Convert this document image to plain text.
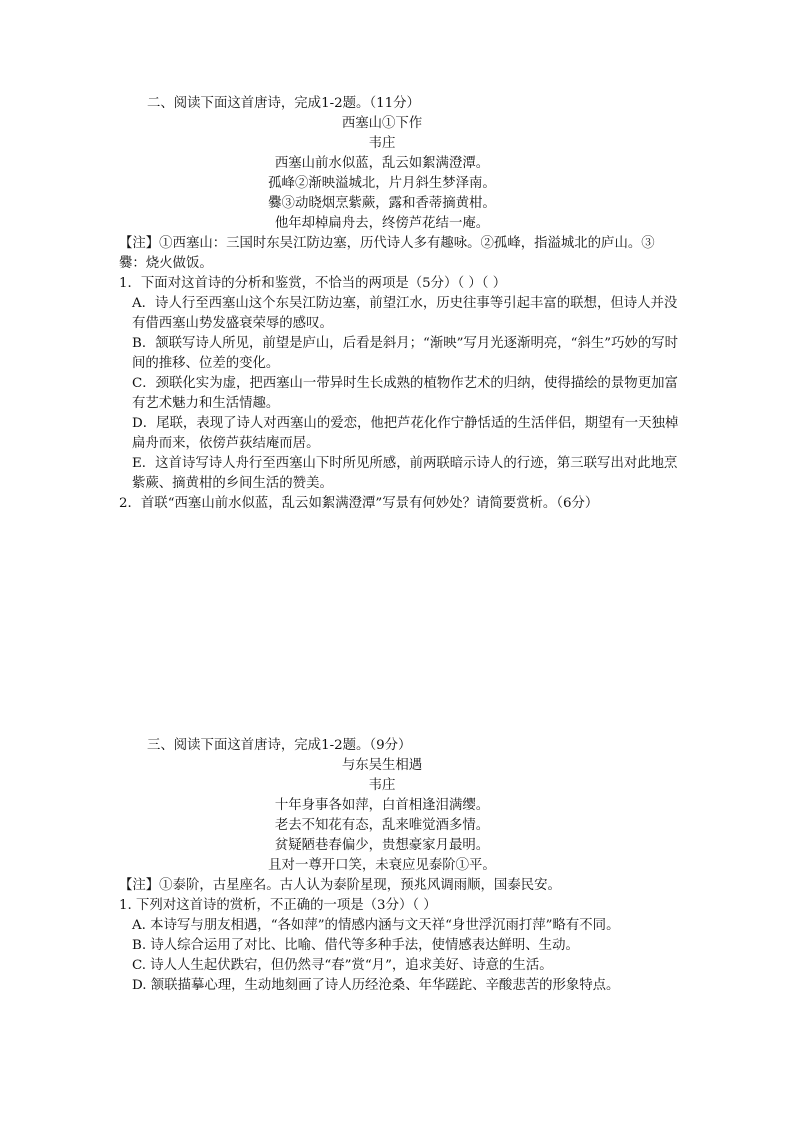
二、阅读下面这首唐诗，完成1-2题。（11分）
西塞山①下作
韦庄
西塞山前水似蓝，乱云如絮满澄潭。
孤峰②渐映溢城北，片月斜生梦泽南。
爨③动晓烟烹紫蕨，露和香蒂摘黄柑。
他年却棹扁舟去，终傍芦花结一庵。
【注】①西塞山：三国时东吴江防边塞，历代诗人多有趣咏。②孤峰，指溢城北的庐山。③爨：烧火做饭。
1．下面对这首诗的分析和鉴赏，不恰当的两项是（5分）（ ）（ ）
A．诗人行至西塞山这个东吴江防边塞，前望江水，历史往事等引起丰富的联想，但诗人并没有借西塞山势发盛衰荣辱的感叹。
B．颔联写诗人所见，前望是庐山，后看是斜月；“渐映”写月光逐渐明亮，“斜生”巧妙的写时间的推移、位差的变化。
C．颈联化实为虚，把西塞山一带异时生长成熟的植物作艺术的归纳，使得描绘的景物更加富有艺术魅力和生活情趣。
D．尾联，表现了诗人对西塞山的爱恋，他把芦花化作宁静恬适的生活伴侣，期望有一天独棹扁舟而来，依傍芦荻结庵而居。
E．这首诗写诗人舟行至西塞山下时所见所感，前两联暗示诗人的行迹，第三联写出对此地烹紫蕨、摘黄柑的乡间生活的赞美。
2．首联“西塞山前水似蓝，乱云如絮满澄潭”写景有何妙处？请简要赏析。（6分）
三、阅读下面这首唐诗，完成1-2题。（9分）
与东吴生相遇
韦庄
十年身事各如萍，白首相逢泪满缨。
老去不知花有态，乱来唯觉酒多情。
贫疑陋巷春偏少，贵想豪家月最明。
且对一尊开口笑，未衰应见泰阶①平。
【注】①泰阶，古星座名。古人认为泰阶星现，预兆风调雨顺，国泰民安。
1. 下列对这首诗的赏析，不正确的一项是（3分）（ ）
A. 本诗写与朋友相遇，“各如萍”的情感内涵与文天祥“身世浮沉雨打萍”略有不同。
B. 诗人综合运用了对比、比喻、借代等多种手法，使情感表达鲜明、生动。
C. 诗人人生起伏跌宕，但仍然寻“春”赏“月”，追求美好、诗意的生活。
D. 颔联描摹心理，生动地刻画了诗人历经沧桑、年华蹉跎、辛酸悲苦的形象特点。
